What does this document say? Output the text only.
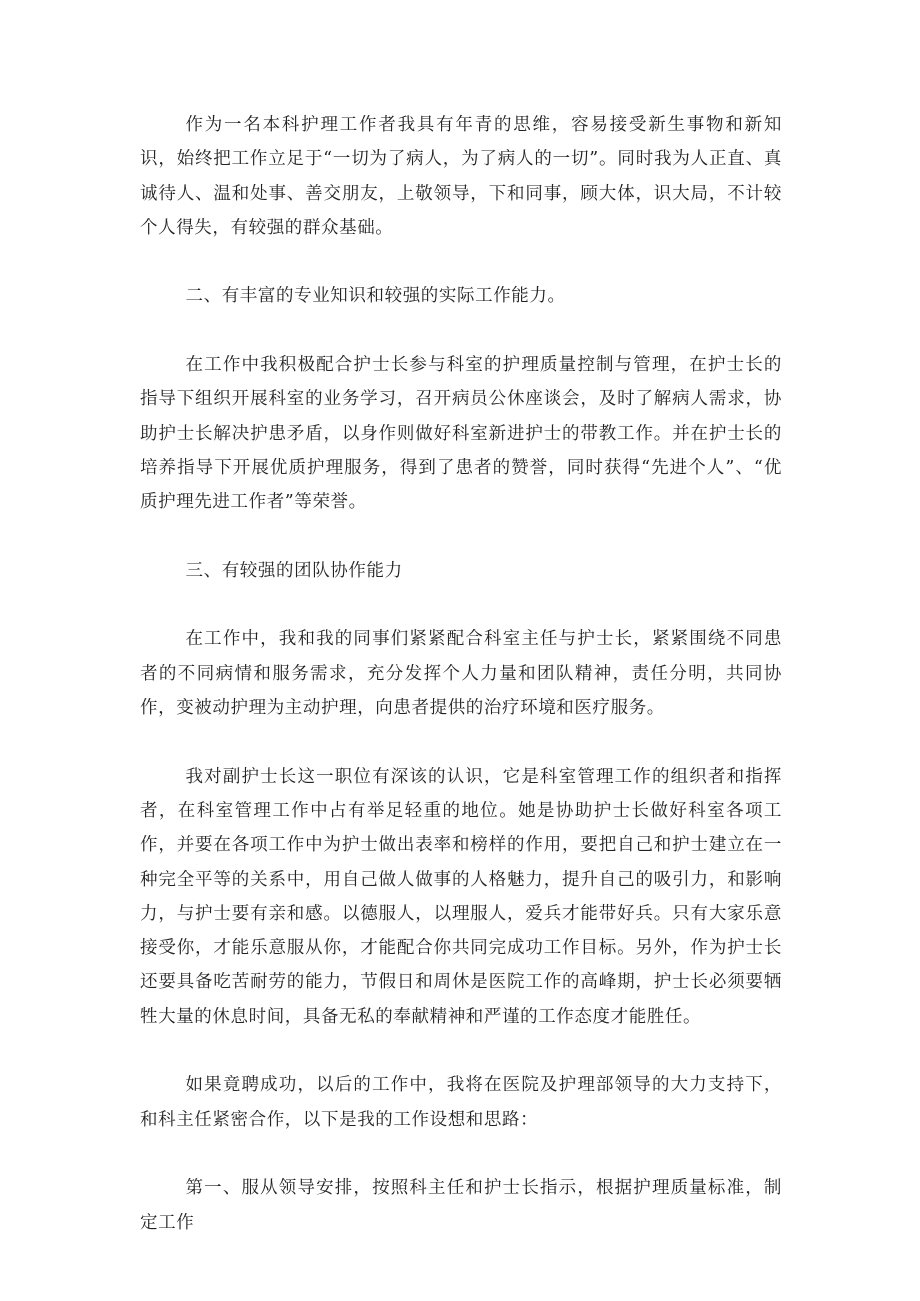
作为一名本科护理工作者我具有年青的思维，容易接受新生事物和新知识，始终把工作立足于“一切为了病人，为了病人的一切”。同时我为人正直、真诚待人、温和处事、善交朋友，上敬领导，下和同事，顾大体，识大局，不计较个人得失，有较强的群众基础。

二、有丰富的专业知识和较强的实际工作能力。

在工作中我积极配合护士长参与科室的护理质量控制与管理，在护士长的指导下组织开展科室的业务学习，召开病员公休座谈会，及时了解病人需求，协助护士长解决护患矛盾，以身作则做好科室新进护士的带教工作。并在护士长的培养指导下开展优质护理服务，得到了患者的赞誉，同时获得“先进个人”、“优质护理先进工作者”等荣誉。

三、有较强的团队协作能力

在工作中，我和我的同事们紧紧配合科室主任与护士长，紧紧围绕不同患者的不同病情和服务需求，充分发挥个人力量和团队精神，责任分明，共同协作，变被动护理为主动护理，向患者提供的治疗环境和医疗服务。

我对副护士长这一职位有深该的认识，它是科室管理工作的组织者和指挥者，在科室管理工作中占有举足轻重的地位。她是协助护士长做好科室各项工作，并要在各项工作中为护士做出表率和榜样的作用，要把自己和护士建立在一种完全平等的关系中，用自己做人做事的人格魅力，提升自己的吸引力，和影响力，与护士要有亲和感。以德服人，以理服人，爱兵才能带好兵。只有大家乐意接受你，才能乐意服从你，才能配合你共同完成功工作目标。另外，作为护士长还要具备吃苦耐劳的能力，节假日和周休是医院工作的高峰期，护士长必须要牺牲大量的休息时间，具备无私的奉献精神和严谨的工作态度才能胜任。

如果竟聘成功，以后的工作中，我将在医院及护理部领导的大力支持下，和科主任紧密合作，以下是我的工作设想和思路：

第一、服从领导安排，按照科主任和护士长指示，根据护理质量标准，制定工作
